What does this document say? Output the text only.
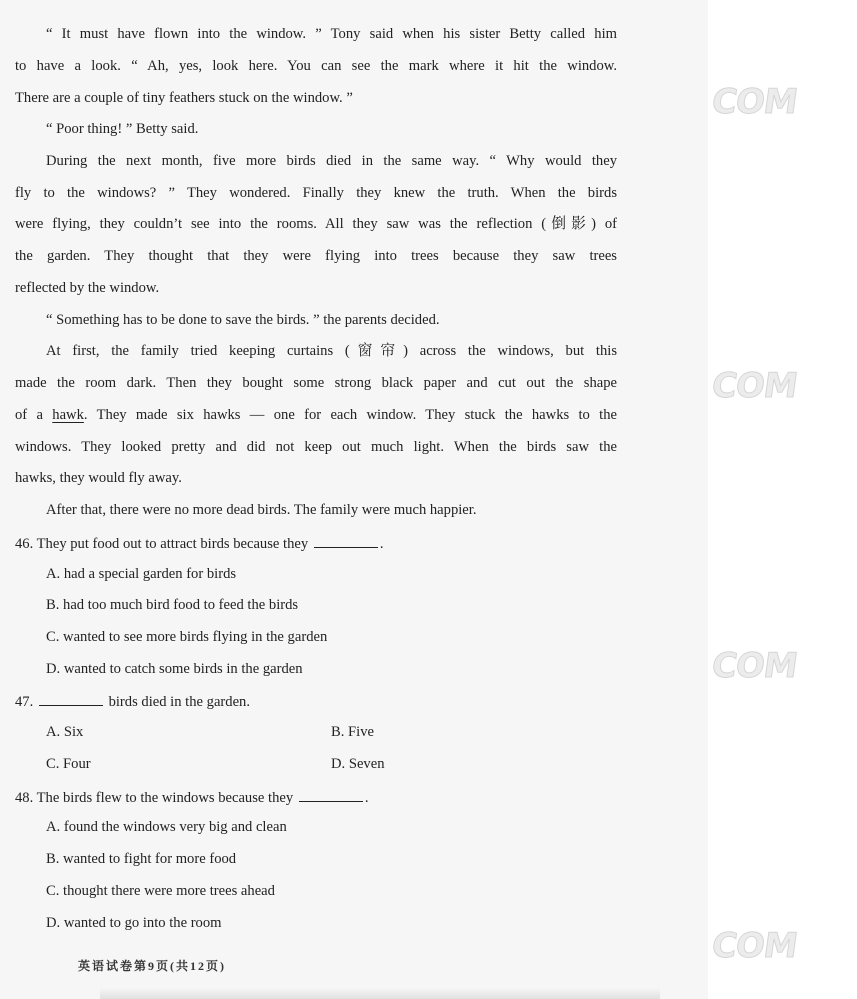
“ It must have flown into the window. ” Tony said when his sister Betty called him
to have a look. “ Ah, yes, look here. You can see the mark where it hit the window.
There are a couple of tiny feathers stuck on the window. ”
“ Poor thing! ” Betty said.
During the next month, five more birds died in the same way. “ Why would they
fly to the windows? ” They wondered. Finally they knew the truth. When the birds
were flying, they couldn’t see into the rooms. All they saw was the reflection (倒影) of
the garden. They thought that they were flying into trees because they saw trees
reflected by the window.
“ Something has to be done to save the birds. ” the parents decided.
At first, the family tried keeping curtains (窗帘) across the windows, but this
made the room dark. Then they bought some strong black paper and cut out the shape
of a hawk. They made six hawks — one for each window. They stuck the hawks to the
windows. They looked pretty and did not keep out much light. When the birds saw the
hawks, they would fly away.
After that, there were no more dead birds. The family were much happier.
46. They put food out to attract birds because they	.
A. had a special garden for birds
B. had too much bird food to feed the birds
C. wanted to see more birds flying in the garden
D. wanted to catch some birds in the garden
47.	birds died in the garden.
A. Six	B. Five
C. Four	D. Seven
48. The birds flew to the windows because they	.
A. found the windows very big and clean
B. wanted to fight for more food
C. thought there were more trees ahead
D. wanted to go into the room
英语试卷第9页(共12页)
COM
COM
COM
COM
